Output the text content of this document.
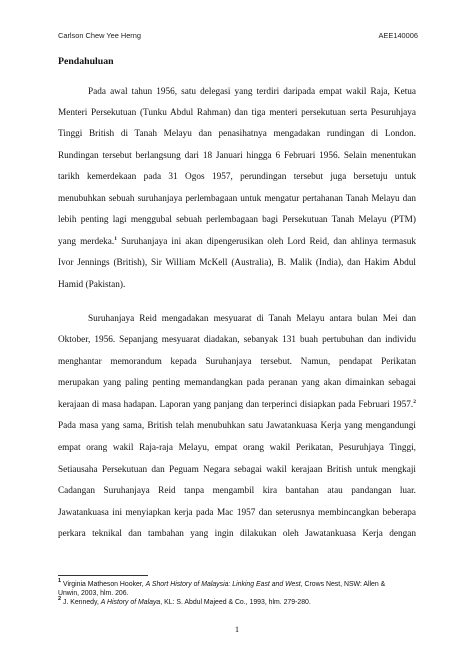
Carlson Chew Yee Herng	AEE140006
Pendahuluan
Pada awal tahun 1956, satu delegasi yang terdiri daripada empat wakil Raja, Ketua
Menteri Persekutuan (Tunku Abdul Rahman) dan tiga menteri persekutuan serta Pesuruhjaya
Tinggi British di Tanah Melayu dan penasihatnya mengadakan rundingan di London.
Rundingan tersebut berlangsung dari 18 Januari hingga 6 Februari 1956. Selain menentukan
tarikh kemerdekaan pada 31 Ogos 1957, perundingan tersebut juga bersetuju untuk
menubuhkan sebuah suruhanjaya perlembagaan untuk mengatur pertahanan Tanah Melayu dan
lebih penting lagi menggubal sebuah perlembagaan bagi Persekutuan Tanah Melayu (PTM)
yang merdeka.$^1$ Suruhanjaya ini akan dipengerusikan oleh Lord Reid, dan ahlinya termasuk
Ivor Jennings (British), Sir William McKell (Australia), B. Malik (India), dan Hakim Abdul
Hamid (Pakistan).
Suruhanjaya Reid mengadakan mesyuarat di Tanah Melayu antara bulan Mei dan
Oktober, 1956. Sepanjang mesyuarat diadakan, sebanyak 131 buah pertubuhan dan individu
menghantar memorandum kepada Suruhanjaya tersebut. Namun, pendapat Perikatan
merupakan yang paling penting memandangkan pada peranan yang akan dimainkan sebagai
kerajaan di masa hadapan. Laporan yang panjang dan terperinci disiapkan pada Februari 1957.$^2$
Pada masa yang sama, British telah menubuhkan satu Jawatankuasa Kerja yang mengandungi
empat orang wakil Raja-raja Melayu, empat orang wakil Perikatan, Pesuruhjaya Tinggi,
Setiausaha Persekutuan dan Peguam Negara sebagai wakil kerajaan British untuk mengkaji
Cadangan Suruhanjaya Reid tanpa mengambil kira bantahan atau pandangan luar.
Jawatankuasa ini menyiapkan kerja pada Mac 1957 dan seterusnya membincangkan beberapa
perkara teknikal dan tambahan yang ingin dilakukan oleh Jawatankuasa Kerja dengan
$^1$ Virginia Matheson Hooker, A Short History of Malaysia: Linking East and West, Crows Nest, NSW: Allen &
Unwin, 2003, hlm. 206.
$^2$ J. Kennedy, A History of Malaya, KL: S. Abdul Majeed & Co., 1993, hlm. 279-280.
1
